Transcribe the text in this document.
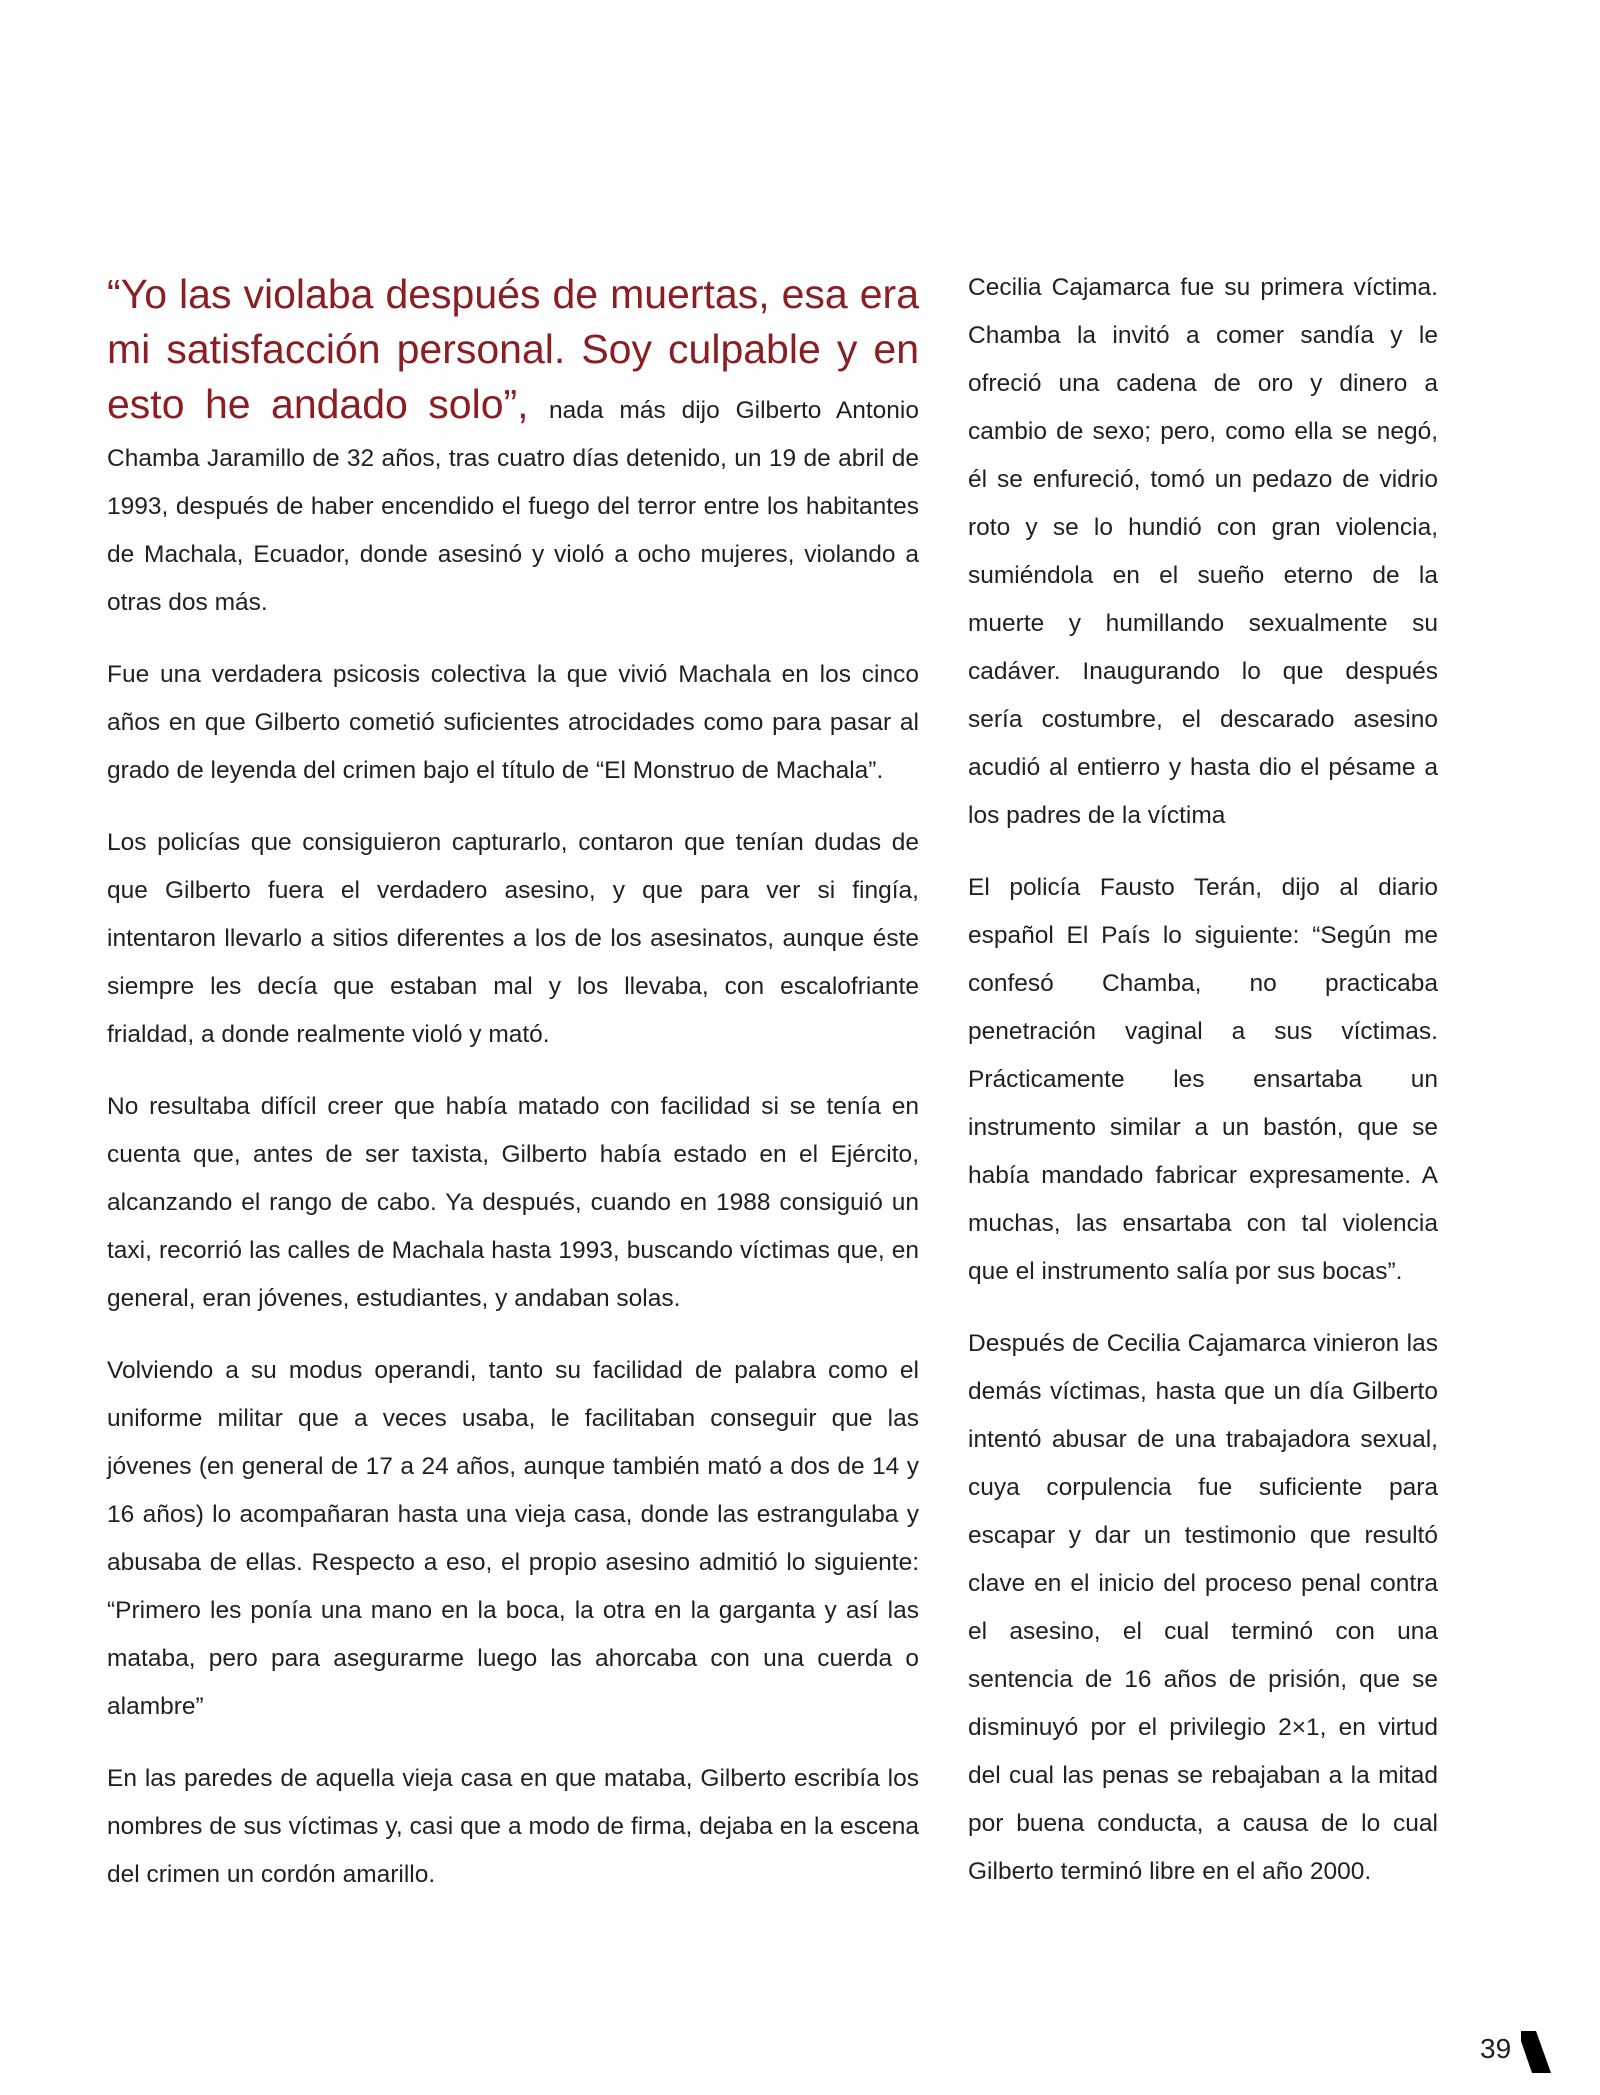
“Yo las violaba después de muertas, esa era mi satisfacción personal. Soy culpable y en esto he andado solo”, nada más dijo Gilberto Antonio Chamba Jaramillo de 32 años, tras cuatro días detenido, un 19 de abril de 1993, después de haber encendido el fuego del terror entre los habitantes de Machala, Ecuador, donde asesinó y violó a ocho mujeres, violando a otras dos más.

Fue una verdadera psicosis colectiva la que vivió Machala en los cinco años en que Gilberto cometió suficientes atrocidades como para pasar al grado de leyenda del crimen bajo el título de “El Monstruo de Machala”.

Los policías que consiguieron capturarlo, contaron que tenían dudas de que Gilberto fuera el verdadero asesino, y que para ver si fingía, intentaron llevarlo a sitios diferentes a los de los asesinatos, aunque éste siempre les decía que estaban mal y los llevaba, con escalofriante frialdad, a donde realmente violó y mató.

No resultaba difícil creer que había matado con facilidad si se tenía en cuenta que, antes de ser taxista, Gilberto había estado en el Ejército, alcanzando el rango de cabo. Ya después, cuando en 1988 consiguió un taxi, recorrió las calles de Machala hasta 1993, buscando víctimas que, en general, eran jóvenes, estudiantes, y andaban solas.

Volviendo a su modus operandi, tanto su facilidad de palabra como el uniforme militar que a veces usaba, le facilitaban conseguir que las jóvenes (en general de 17 a 24 años, aunque también mató a dos de 14 y 16 años) lo acompañaran hasta una vieja casa, donde las estrangulaba y abusaba de ellas. Respecto a eso, el propio asesino admitió lo siguiente: “Primero les ponía una mano en la boca, la otra en la garganta y así las mataba, pero para asegurarme luego las ahorcaba con una cuerda o alambre”

En las paredes de aquella vieja casa en que mataba, Gilberto escribía los nombres de sus víctimas y, casi que a modo de firma, dejaba en la escena del crimen un cordón amarillo.

Cecilia Cajamarca fue su primera víctima. Chamba la invitó a comer sandía y le ofreció una cadena de oro y dinero a cambio de sexo; pero, como ella se negó, él se enfureció, tomó un pedazo de vidrio roto y se lo hundió con gran violencia, sumiéndola en el sueño eterno de la muerte y humillando sexualmente su cadáver. Inaugurando lo que después sería costumbre, el descarado asesino acudió al entierro y hasta dio el pésame a los padres de la víctima

El policía Fausto Terán, dijo al diario español El País lo siguiente: “Según me confesó Chamba, no practicaba penetración vaginal a sus víctimas. Prácticamente les ensartaba un instrumento similar a un bastón, que se había mandado fabricar expresamente. A muchas, las ensartaba con tal violencia que el instrumento salía por sus bocas”.

Después de Cecilia Cajamarca vinieron las demás víctimas, hasta que un día Gilberto intentó abusar de una trabajadora sexual, cuya corpulencia fue suficiente para escapar y dar un testimonio que resultó clave en el inicio del proceso penal contra el asesino, el cual terminó con una sentencia de 16 años de prisión, que se disminuyó por el privilegio 2×1, en virtud del cual las penas se rebajaban a la mitad por buena conducta, a causa de lo cual Gilberto terminó libre en el año 2000.

39
